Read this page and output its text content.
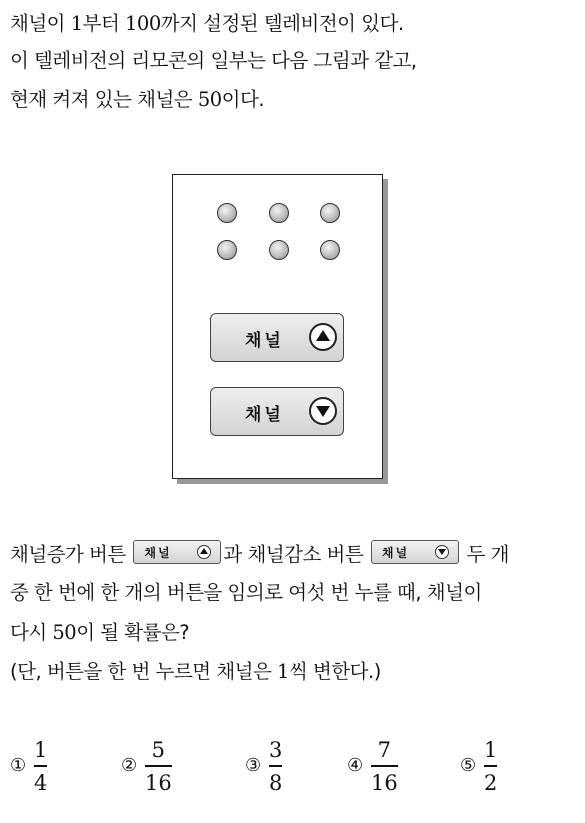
채널이 1부터 100까지 설정된 텔레비전이 있다.
이 텔레비전의 리모콘의 일부는 다음 그림과 같고,
현재 켜져 있는 채널은 50이다.
채널
채널
채널증가 버튼 채널	과 채널감소 버튼 채널	두 개
중 한 번에 한 개의 버튼을 임의로 여섯 번 누를 때, 채널이
다시 50이 될 확률은?
(단, 버튼을 한 번 누르면 채널은 1씩 변한다.)
①
1
4
②
5
16
③
3
8
④
7
16
⑤
1
2
